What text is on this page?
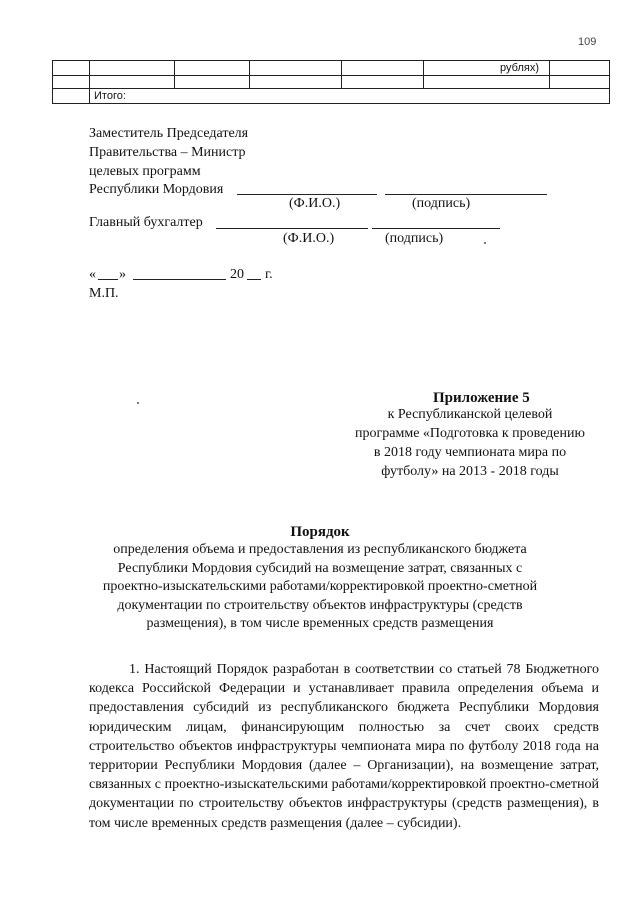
109
					рублях)	

	Итого:					
Заместитель Председателя
Правительства – Министр
целевых программ
Республики Мордовия
(Ф.И.О.)	(подпись)
Главный бухгалтер
(Ф.И.О.)	(подпись)
« »	20 г.
М.П.
Приложение 5
к Республиканской целевой
программе «Подготовка к проведению
в 2018 году чемпионата мира по
футболу» на 2013 - 2018 годы
Порядок
определения объема и предоставления из республиканского бюджета
Республики Мордовия субсидий на возмещение затрат, связанных с
проектно-изыскательскими работами/корректировкой проектно-сметной
документации по строительству объектов инфраструктуры (средств
размещения), в том числе временных средств размещения
1. Настоящий Порядок разработан в соответствии со статьей 78 Бюджетного кодекса Российской Федерации и устанавливает правила определения объема и предоставления субсидий из республиканского бюджета Республики Мордовия юридическим лицам, финансирующим полностью за счет своих средств строительство объектов инфраструктуры чемпионата мира по футболу 2018 года на территории Республики Мордовия (далее – Организации), на возмещение затрат, связанных с проектно-изыскательскими работами/корректировкой проектно-сметной документации по строительству объектов инфраструктуры (средств размещения), в том числе временных средств размещения (далее – субсидии).
